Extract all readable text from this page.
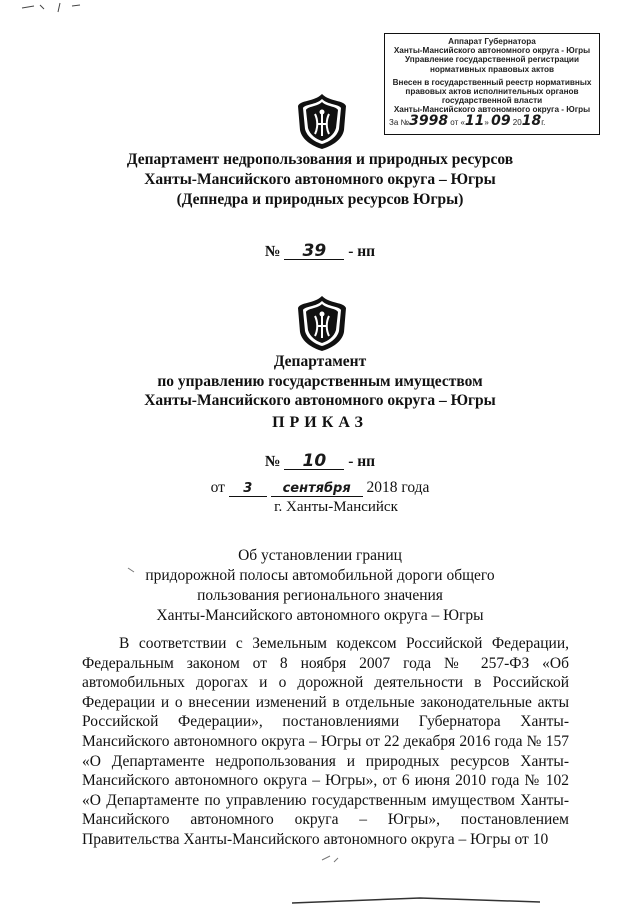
Аппарат Губернатора
Ханты-Мансийского автономного округа - Югры
Управление государственной регистрации
нормативных правовых актов
Внесен в государственный реестр нормативных
правовых актов исполнительных органов
государственной власти
Ханты-Мансийского автономного округа - Югры
За №3998 от «11» 09 2018г.
Департамент недропользования и природных ресурсов
Ханты-Мансийского автономного округа – Югры
(Депнедра и природных ресурсов Югры)
№ 39 - нп
Департамент
по управлению государственным имуществом
Ханты-Мансийского автономного округа – Югры
ПРИКАЗ
№ 10 - нп
от 3 сентября 2018 года
г. Ханты-Мансийск
Об установлении границ
придорожной полосы автомобильной дороги общего
пользования регионального значения
Ханты-Мансийского автономного округа – Югры

В соответствии с Земельным кодексом Российской Федерации, Федеральным законом от 8 ноября 2007 года № 257-ФЗ «Об автомобильных дорогах и о дорожной деятельности в Российской Федерации и о внесении изменений в отдельные законодательные акты Российской Федерации», постановлениями Губернатора Ханты-Мансийского автономного округа – Югры от 22 декабря 2016 года № 157 «О Департаменте недропользования и природных ресурсов Ханты-Мансийского автономного округа – Югры», от 6 июня 2010 года № 102 «О Департаменте по управлению государственным имуществом Ханты-Мансийского автономного округа – Югры», постановлением Правительства Ханты-Мансийского автономного округа – Югры от 10
